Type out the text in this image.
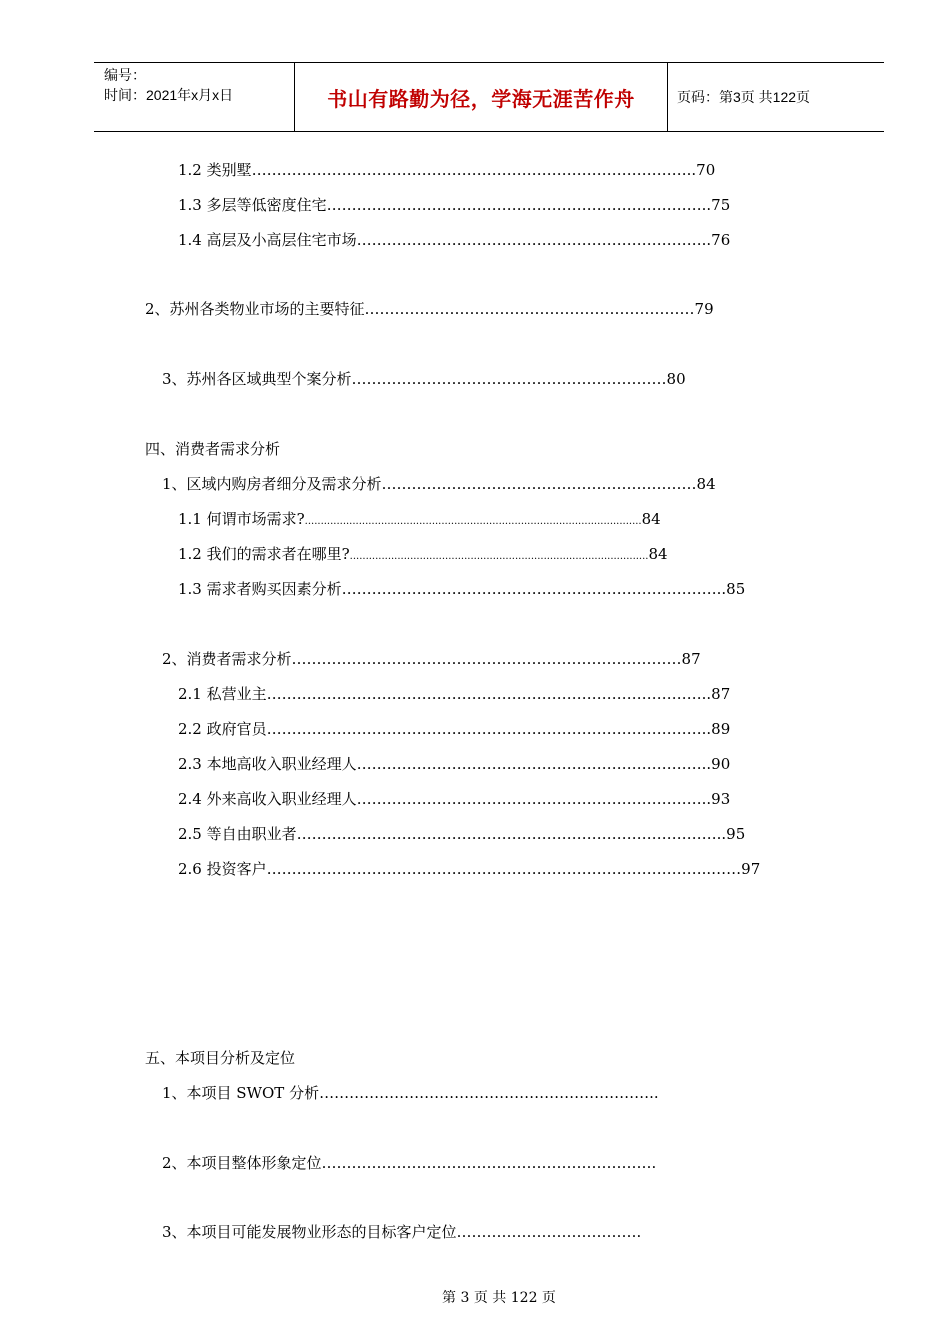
编号：
时间：2021年x月x日	书山有路勤为径，学海无涯苦作舟	页码：第3页 共122页
1.2 类别墅……………………………………………………………………………..70
1.3 多层等低密度住宅…………………………………………………………………..75
1.4 高层及小高层住宅市场……………………………………………………………..76
2、苏州各类物业市场的主要特征…………………………………………………………79
3、苏州各区域典型个案分析………………………………………………………80
四、消费者需求分析
1、区域内购房者细分及需求分析………………………………………………………84
1.1 何谓市场需求?..........................................................................................................84
1.2 我们的需求者在哪里?..............................................................................................84
1.3 需求者购买因素分析…………………………………………………………………..85
2、消费者需求分析……………………………………………………………………87
2.1 私营业主……………………………………………………………………………..87
2.2 政府官员……………………………………………………………………………..89
2.3 本地高收入职业经理人……………………………………………………………..90
2.4 外来高收入职业经理人……………………………………………………………..93
2.5 等自由职业者…………………………………………………………………………..95
2.6 投资客户……………………………………………………………………………..……97
五、本项目分析及定位
1、本项目 SWOT 分析…………………………………………………………..
2、本项目整体形象定位………………………………………………………….
3、本项目可能发展物业形态的目标客户定位……………………………….
第 3 页 共 122 页
